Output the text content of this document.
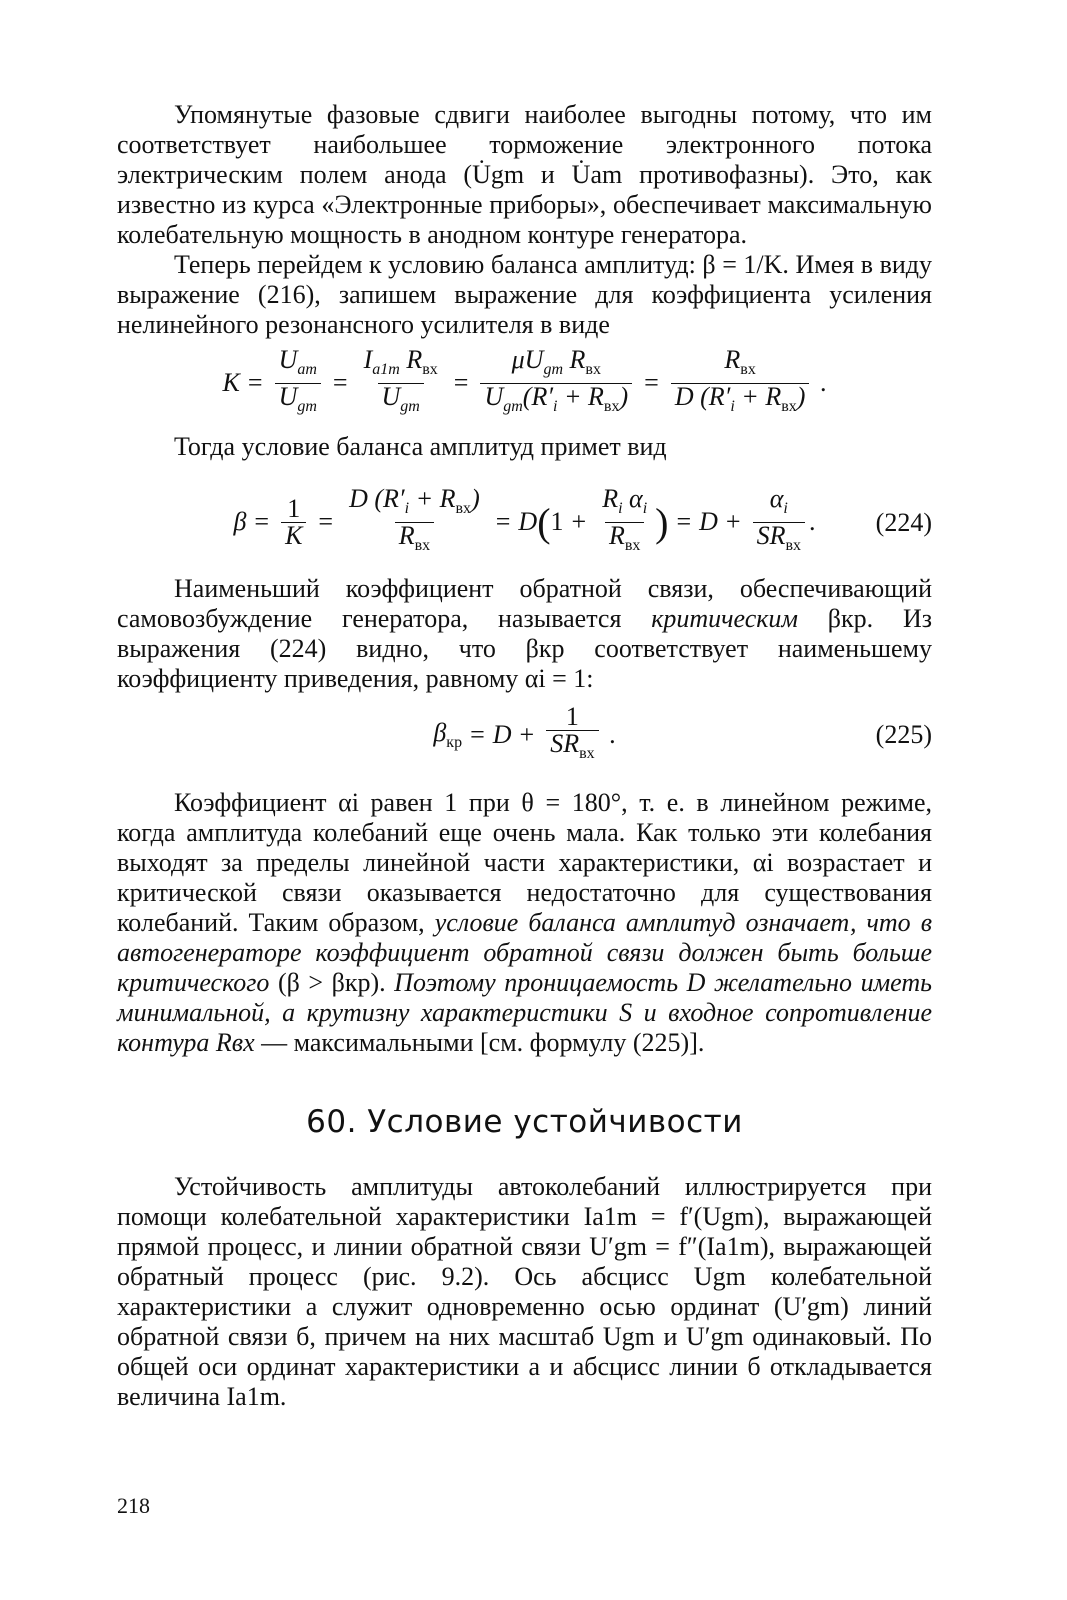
Упомянутые фазовые сдвиги наиболее выгодны потому, что им соответствует наибольшее торможение электронного потока электрическим полем анода (U̇gm и U̇am противофазны). Это, как известно из курса «Электронные приборы», обеспечивает максимальную колебательную мощность в анодном контуре генератора.

Теперь перейдем к условию баланса амплитуд: β = 1/K. Имея в виду выражение (216), запишем выражение для коэффициента усиления нелинейного резонансного усилителя в виде

$K = \frac{U_{am}}{U_{gm}} = \frac{I_{a1m} R_{вх}}{U_{gm}} = \frac{\mu U_{gm} R_{вх}}{U_{gm}(R'_i + R_{вх})} = \frac{R_{вх}}{D (R'_i + R_{вх})}$ .

Тогда условие баланса амплитуд примет вид

$\beta = \frac{1}{K} = \frac{D (R'_i + R_{вх})}{R_{вх}} = D$ ( $1 + \frac{R_i \alpha_i}{R_{вх}}$ ) = $D + \frac{\alpha_i}{SR_{вх}}$ . (224)

Наименьший коэффициент обратной связи, обеспечивающий самовозбуждение генератора, называется критическим βкр. Из выражения (224) видно, что βкр соответствует наименьшему коэффициенту приведения, равному αi = 1:

$\beta_{кр} = D + \frac{1}{SR_{вх}}$ .	(225)

Коэффициент αi равен 1 при θ = 180°, т. е. в линейном режиме, когда амплитуда колебаний еще очень мала. Как только эти колебания выходят за пределы линейной части характеристики, αi возрастает и критической связи оказывается недостаточно для существования колебаний. Таким образом, условие баланса амплитуд означает, что в автогенераторе коэффициент обратной связи должен быть больше критического (β > βкр). Поэтому проницаемость D желательно иметь минимальной, а крутизну характеристики S и входное сопротивление контура Rвх — максимальными [см. формулу (225)].

60. Условие устойчивости

Устойчивость амплитуды автоколебаний иллюстрируется при помощи колебательной характеристики Ia1m = f′(Ugm), выражающей прямой процесс, и линии обратной связи U′gm = f″(Ia1m), выражающей обратный процесс (рис. 9.2). Ось абсцисс Ugm колебательной характеристики a служит одновременно осью ординат (U′gm) линий обратной связи б, причем на них масштаб Ugm и U′gm одинаковый. По общей оси ординат характеристики a и абсцисс линии б откладывается величина Ia1m.

218
